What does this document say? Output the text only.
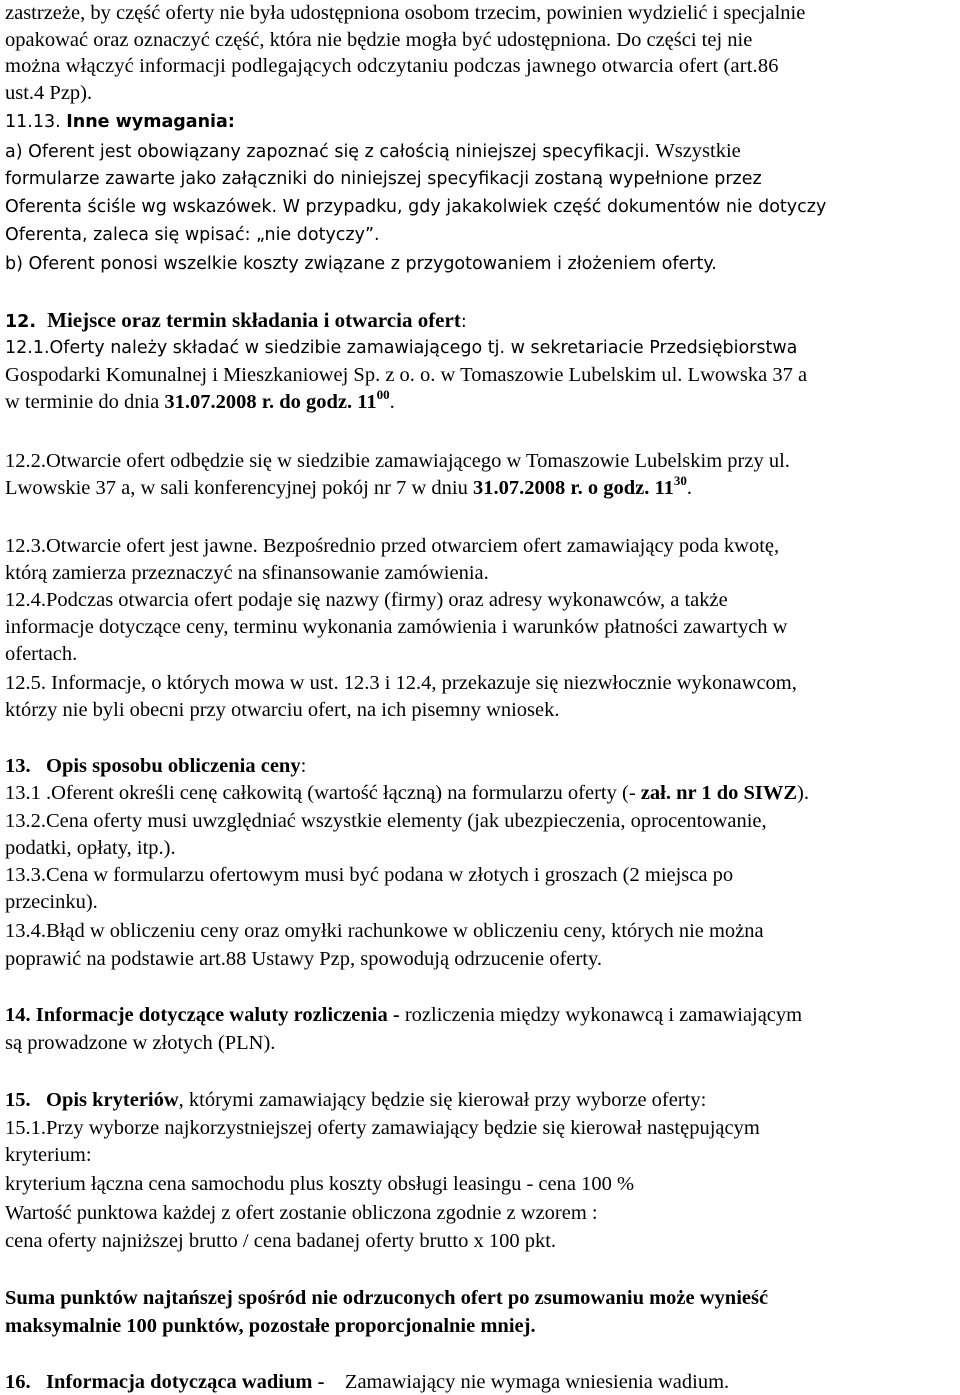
zastrzeże, by część oferty nie była udostępniona osobom trzecim, powinien wydzielić i specjalnie
opakować oraz oznaczyć część, która nie będzie mogła być udostępniona. Do części tej nie
można włączyć informacji podlegających odczytaniu podczas jawnego otwarcia ofert (art.86
ust.4 Pzp).
11.13. Inne wymagania:
a) Oferent jest obowiązany zapoznać się z całością niniejszej specyfikacji. Wszystkie
formularze zawarte jako załączniki do niniejszej specyfikacji zostaną wypełnione przez
Oferenta ściśle wg wskazówek. W przypadku, gdy jakakolwiek część dokumentów nie dotyczy
Oferenta, zaleca się wpisać: „nie dotyczy”.
b) Oferent ponosi wszelkie koszty związane z przygotowaniem i złożeniem oferty.
12. Miejsce oraz termin składania i otwarcia ofert:
12.1.Oferty należy składać w siedzibie zamawiającego tj. w sekretariacie Przedsiębiorstwa
Gospodarki Komunalnej i Mieszkaniowej Sp. z o. o. w Tomaszowie Lubelskim ul. Lwowska 37 a
w terminie do dnia 31.07.2008 r. do godz. $11^{00}$.
12.2.Otwarcie ofert odbędzie się w siedzibie zamawiającego w Tomaszowie Lubelskim przy ul.
Lwowskie 37 a, w sali konferencyjnej pokój nr 7 w dniu 31.07.2008 r. o godz. $11^{30}$.
12.3.Otwarcie ofert jest jawne. Bezpośrednio przed otwarciem ofert zamawiający poda kwotę,
którą zamierza przeznaczyć na sfinansowanie zamówienia.
12.4.Podczas otwarcia ofert podaje się nazwy (firmy) oraz adresy wykonawców, a także
informacje dotyczące ceny, terminu wykonania zamówienia i warunków płatności zawartych w
ofertach.
12.5. Informacje, o których mowa w ust. 12.3 i 12.4, przekazuje się niezwłocznie wykonawcom,
którzy nie byli obecni przy otwarciu ofert, na ich pisemny wniosek.
13. Opis sposobu obliczenia ceny:
13.1 .Oferent określi cenę całkowitą (wartość łączną) na formularzu oferty (- zał. nr 1 do SIWZ).
13.2.Cena oferty musi uwzględniać wszystkie elementy (jak ubezpieczenia, oprocentowanie,
podatki, opłaty, itp.).
13.3.Cena w formularzu ofertowym musi być podana w złotych i groszach (2 miejsca po
przecinku).
13.4.Błąd w obliczeniu ceny oraz omyłki rachunkowe w obliczeniu ceny, których nie można
poprawić na podstawie art.88 Ustawy Pzp, spowodują odrzucenie oferty.
14. Informacje dotyczące waluty rozliczenia - rozliczenia między wykonawcą i zamawiającym
są prowadzone w złotych (PLN).
15. Opis kryteriów, którymi zamawiający będzie się kierował przy wyborze oferty:
15.1.Przy wyborze najkorzystniejszej oferty zamawiający będzie się kierował następującym
kryterium:
kryterium łączna cena samochodu plus koszty obsługi leasingu - cena 100 %
Wartość punktowa każdej z ofert zostanie obliczona zgodnie z wzorem :
cena oferty najniższej brutto / cena badanej oferty brutto x 100 pkt.
Suma punktów najtańszej spośród nie odrzuconych ofert po zsumowaniu może wynieść
maksymalnie 100 punktów, pozostałe proporcjonalnie mniej.
16. Informacja dotycząca wadium - Zamawiający nie wymaga wniesienia wadium.
